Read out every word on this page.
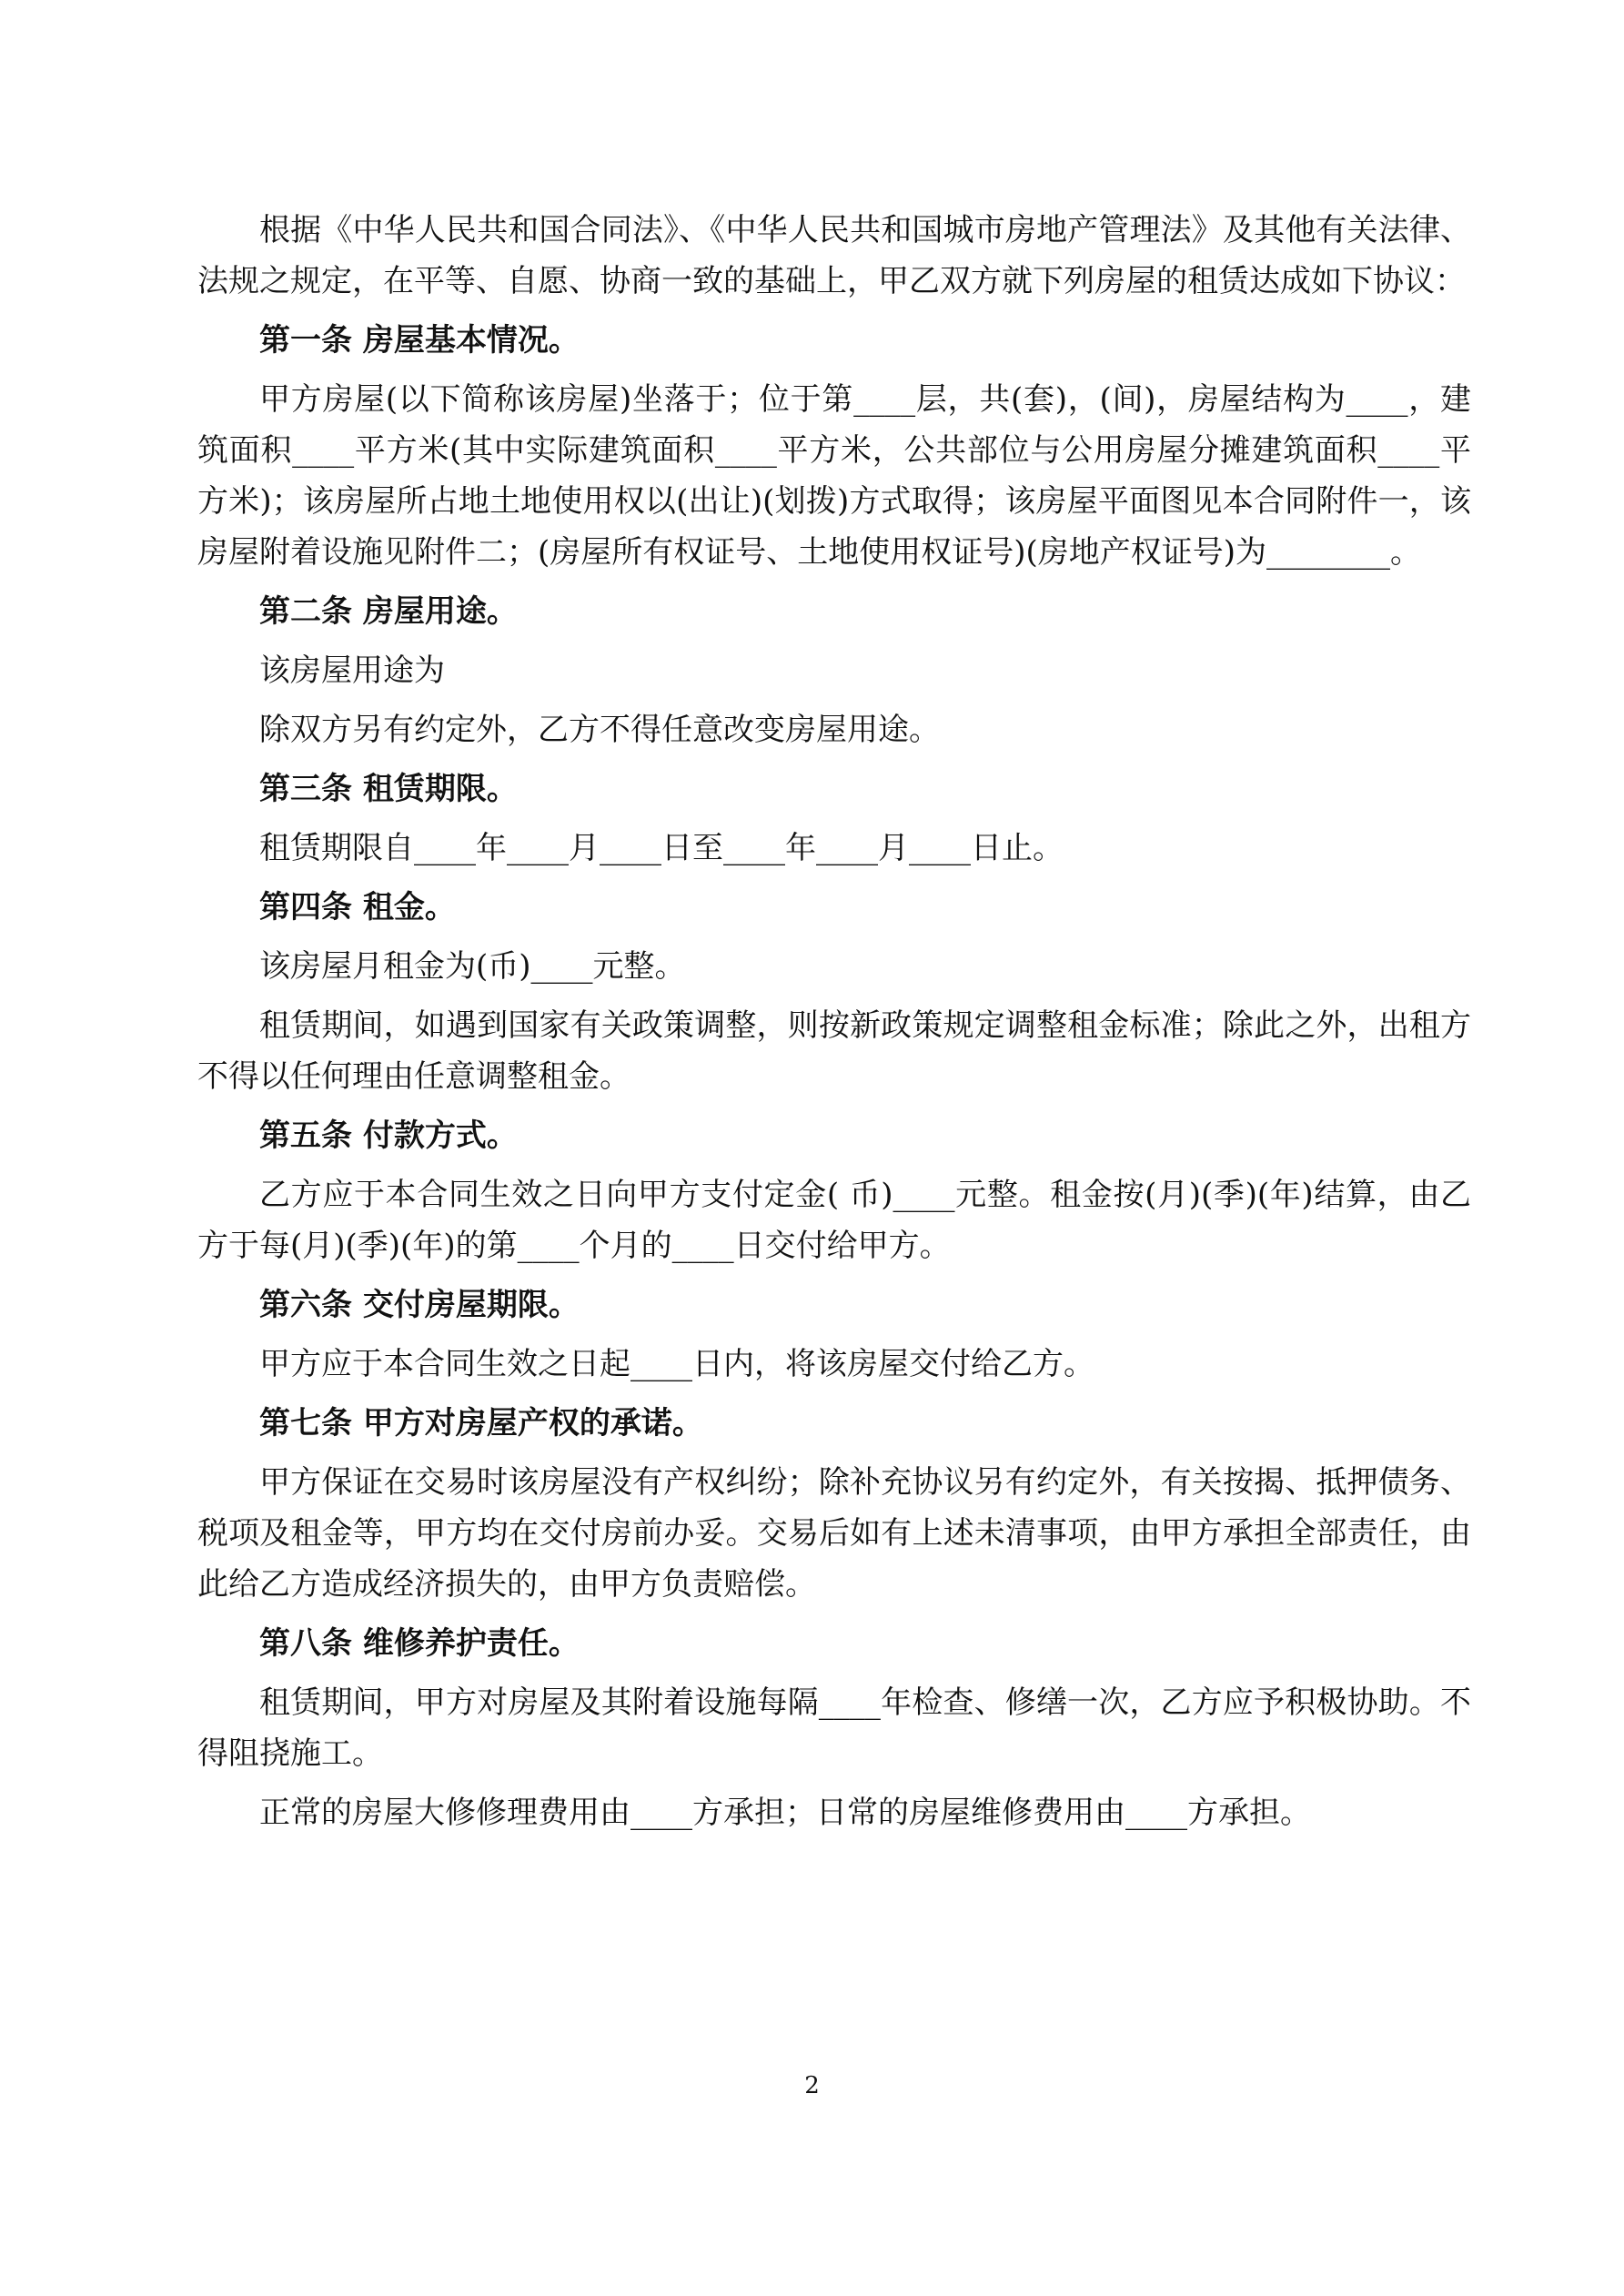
根据《中华人民共和国合同法》、《中华人民共和国城市房地产管理法》及其他有关法律、法规之规定，在平等、自愿、协商一致的基础上，甲乙双方就下列房屋的租赁达成如下协议：

第一条 房屋基本情况。

甲方房屋(以下简称该房屋)坐落于；位于第____层，共(套)，(间)，房屋结构为____，建筑面积____平方米(其中实际建筑面积____平方米，公共部位与公用房屋分摊建筑面积____平方米)；该房屋所占地土地使用权以(出让)(划拨)方式取得；该房屋平面图见本合同附件一，该房屋附着设施见附件二；(房屋所有权证号、土地使用权证号)(房地产权证号)为________。

第二条 房屋用途。

该房屋用途为

除双方另有约定外，乙方不得任意改变房屋用途。

第三条 租赁期限。

租赁期限自____年____月____日至____年____月____日止。

第四条 租金。

该房屋月租金为(币)____元整。

租赁期间，如遇到国家有关政策调整，则按新政策规定调整租金标准；除此之外，出租方不得以任何理由任意调整租金。

第五条 付款方式。

乙方应于本合同生效之日向甲方支付定金( 币)____元整。租金按(月)(季)(年)结算，由乙方于每(月)(季)(年)的第____个月的____日交付给甲方。

第六条 交付房屋期限。

甲方应于本合同生效之日起____日内，将该房屋交付给乙方。

第七条 甲方对房屋产权的承诺。

甲方保证在交易时该房屋没有产权纠纷；除补充协议另有约定外，有关按揭、抵押债务、税项及租金等，甲方均在交付房前办妥。交易后如有上述未清事项，由甲方承担全部责任，由此给乙方造成经济损失的，由甲方负责赔偿。

第八条 维修养护责任。

租赁期间，甲方对房屋及其附着设施每隔____年检查、修缮一次，乙方应予积极协助。不得阻挠施工。

正常的房屋大修修理费用由____方承担；日常的房屋维修费用由____方承担。

2
